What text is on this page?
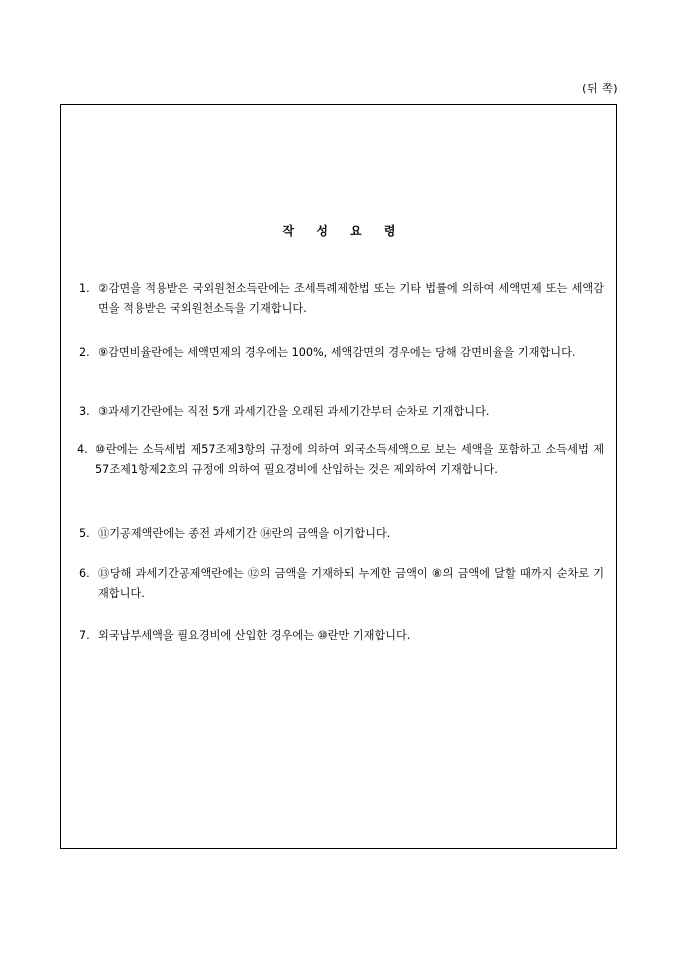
(뒤 쪽)
작 성 요 령
1. ②감면을 적용받은 국외원천소득란에는 조세특례제한법 또는 기타 법률에 의하여 세액면제 또는 세액감면을 적용받은 국외원천소득을 기재합니다.
2. ⑨감면비율란에는 세액면제의 경우에는 100%, 세액감면의 경우에는 당해 감면비율을 기재합니다.
3. ③과세기간란에는 직전 5개 과세기간을 오래된 과세기간부터 순차로 기재합니다.
4. ⑩란에는 소득세법 제57조제3항의 규정에 의하여 외국소득세액으로 보는 세액을 포함하고 소득세법 제57조제1항제2호의 규정에 의하여 필요경비에 산입하는 것은 제외하여 기재합니다.
5. ⑪기공제액란에는 종전 과세기간 ⑭란의 금액을 이기합니다.
6. ⑬당해 과세기간공제액란에는 ⑫의 금액을 기재하되 누계한 금액이 ⑧의 금액에 달할 때까지 순차로 기재합니다.
7. 외국납부세액을 필요경비에 산입한 경우에는 ⑩란만 기재합니다.
